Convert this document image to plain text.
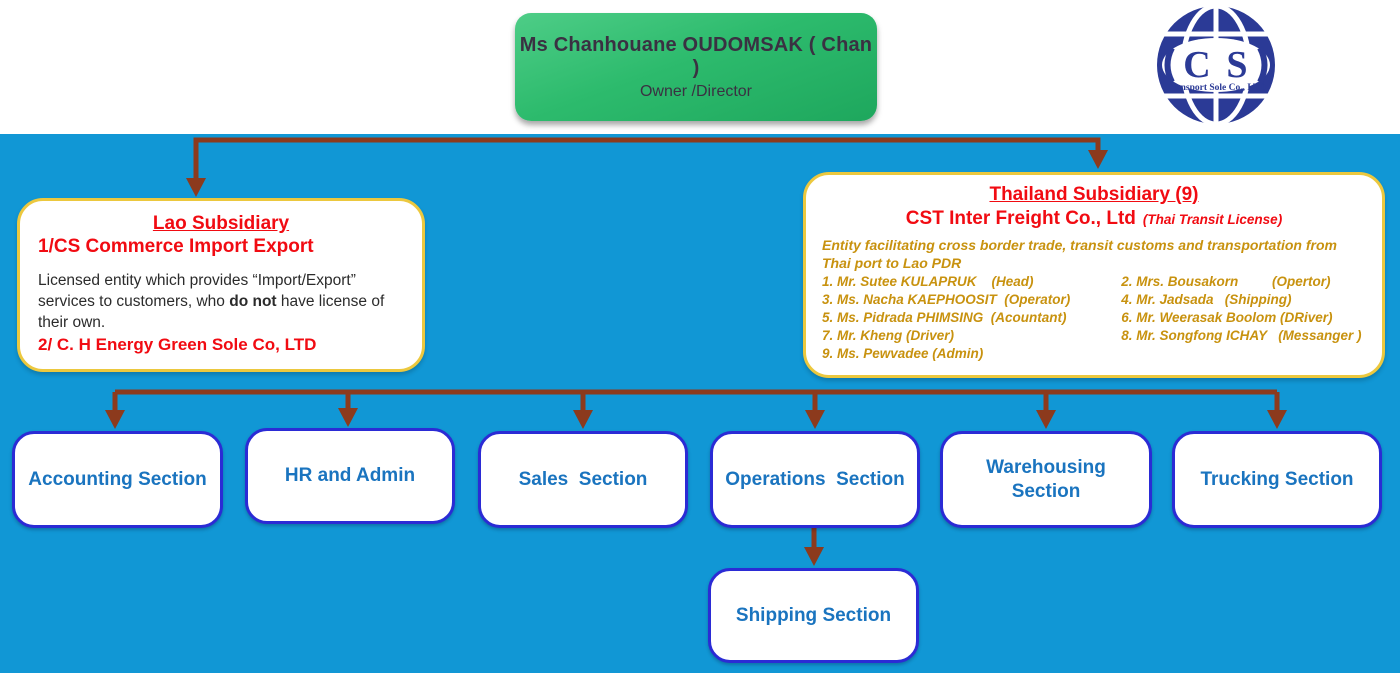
Ms Chanhouane OUDOMSAK ( Chan )
Owner /Director
C S
Transport Sole Co., LTD
Lao Subsidiary
1/CS Commerce Import Export
Licensed entity which provides “Import/Export” services to customers, who do not have license of their own.
2/ C. H Energy Green Sole Co, LTD
Thailand Subsidiary (9)
CST Inter Freight Co., Ltd (Thai Transit License)
Entity facilitating cross border trade, transit customs and transportation from Thai port to Lao PDR
1. Mr. Sutee KULAPRUK    (Head)	2. Mrs. Bousakorn         (Opertor)
3. Ms. Nacha KAEPHOOSIT  (Operator)	4. Mr. Jadsada   (Shipping)
5. Ms. Pidrada PHIMSING  (Acountant)	6. Mr. Weerasak Boolom (DRiver)
7. Mr. Kheng (Driver)	8. Mr. Songfong ICHAY   (Messanger )
9. Ms. Pewvadee (Admin)
Accounting Section	HR and Admin	Sales  Section	Operations  Section
Warehousing Section
Trucking Section
Shipping Section
